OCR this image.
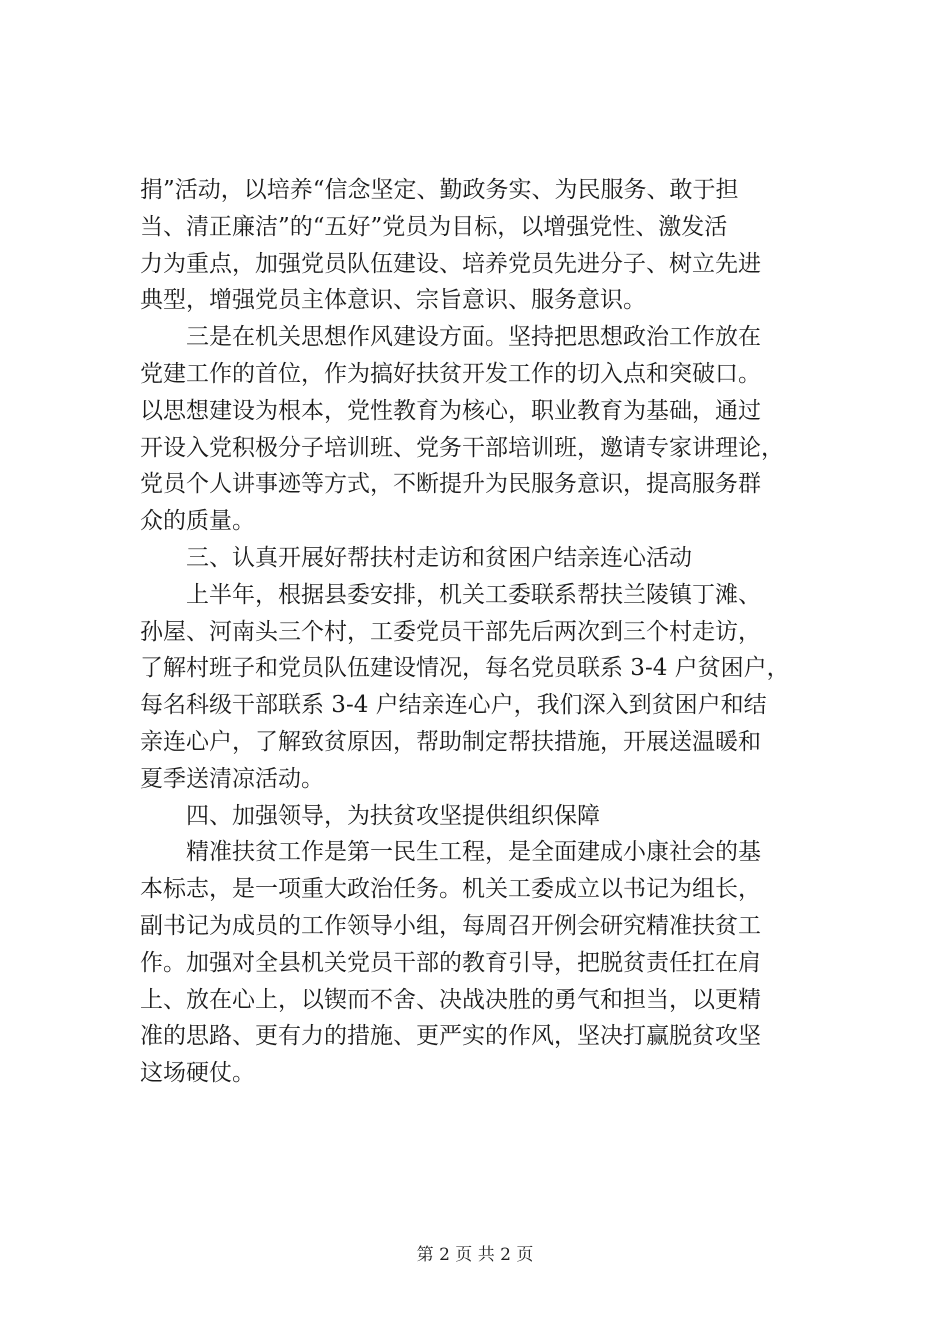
捐”活动，以培养“信念坚定、勤政务实、为民服务、敢于担
当、清正廉洁”的“五好”党员为目标，以增强党性、激发活
力为重点，加强党员队伍建设、培养党员先进分子、树立先进
典型，增强党员主体意识、宗旨意识、服务意识。
三是在机关思想作风建设方面。坚持把思想政治工作放在
党建工作的首位，作为搞好扶贫开发工作的切入点和突破口。
以思想建设为根本，党性教育为核心，职业教育为基础，通过
开设入党积极分子培训班、党务干部培训班，邀请专家讲理论，
党员个人讲事迹等方式，不断提升为民服务意识，提高服务群
众的质量。
三、认真开展好帮扶村走访和贫困户结亲连心活动
上半年，根据县委安排，机关工委联系帮扶兰陵镇丁滩、
孙屋、河南头三个村，工委党员干部先后两次到三个村走访，
了解村班子和党员队伍建设情况，每名党员联系 3-4 户贫困户，
每名科级干部联系 3-4 户结亲连心户，我们深入到贫困户和结
亲连心户，了解致贫原因，帮助制定帮扶措施，开展送温暖和
夏季送清凉活动。
四、加强领导，为扶贫攻坚提供组织保障
精准扶贫工作是第一民生工程，是全面建成小康社会的基
本标志，是一项重大政治任务。机关工委成立以书记为组长，
副书记为成员的工作领导小组，每周召开例会研究精准扶贫工
作。加强对全县机关党员干部的教育引导，把脱贫责任扛在肩
上、放在心上，以锲而不舍、决战决胜的勇气和担当，以更精
准的思路、更有力的措施、更严实的作风，坚决打赢脱贫攻坚
这场硬仗。
第 2 页 共 2 页
